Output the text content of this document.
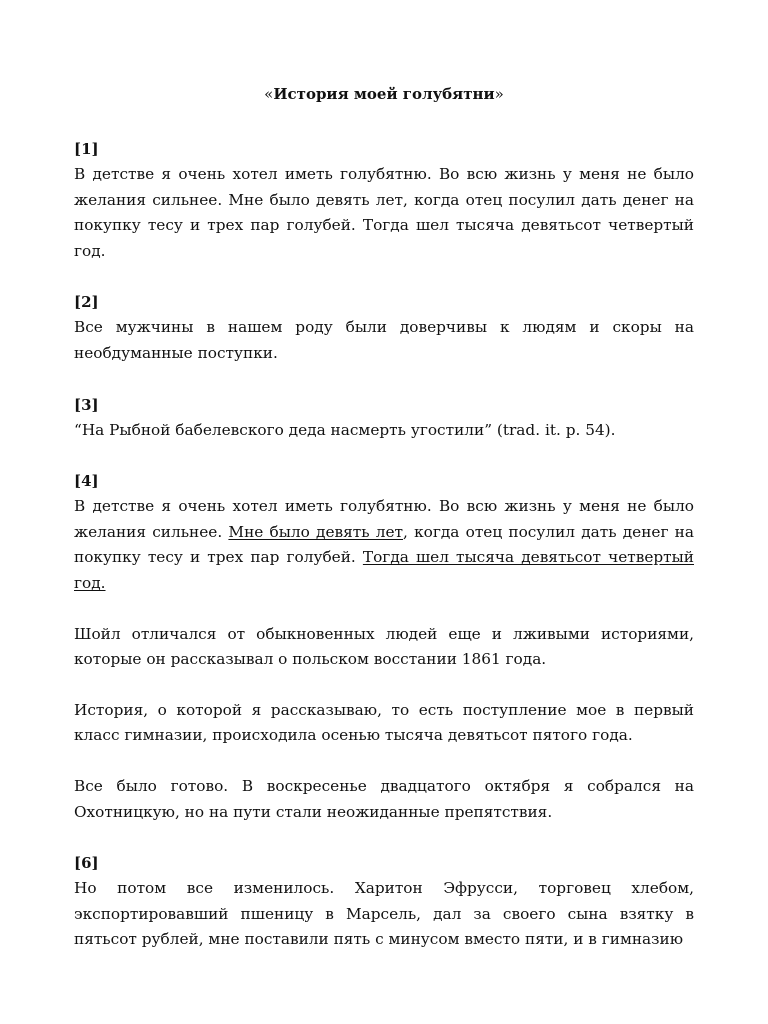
«История моей голубятни»
[1]

В детстве я очень хотел иметь голубятню. Во всю жизнь у меня не было желания сильнее. Мне было девять лет, когда отец посулил дать денег на покупку тесу и трех пар голубей. Тогда шел тысяча девятьсот четвертый год.

[2]

Все мужчины в нашем роду были доверчивы к людям и скоры на необдуманные поступки.

[3]

“На Рыбной бабелевского деда насмерть угостили” (trad. it. p. 54).

[4]

В детстве я очень хотел иметь голубятню. Во всю жизнь у меня не было желания сильнее. Мне было девять лет, когда отец посулил дать денег на покупку тесу и трех пар голубей. Тогда шел тысяча девятьсот четвертый год.

Шойл отличался от обыкновенных людей еще и лживыми историями, которые он рассказывал о польском восстании 1861 года.

История, о которой я рассказываю, то есть поступление мое в первый класс гимназии, происходила осенью тысяча девятьсот пятого года.

Все было готово. В воскресенье двадцатого октября я собрался на Охотницкую, но на пути стали неожиданные препятствия.

[6]

Но потом все изменилось. Харитон Эфрусси, торговец хлебом, экспортировавший пшеницу в Марсель, дал за своего сына взятку в пятьсот рублей, мне поставили пять с минусом вместо пяти, и в гимназию
